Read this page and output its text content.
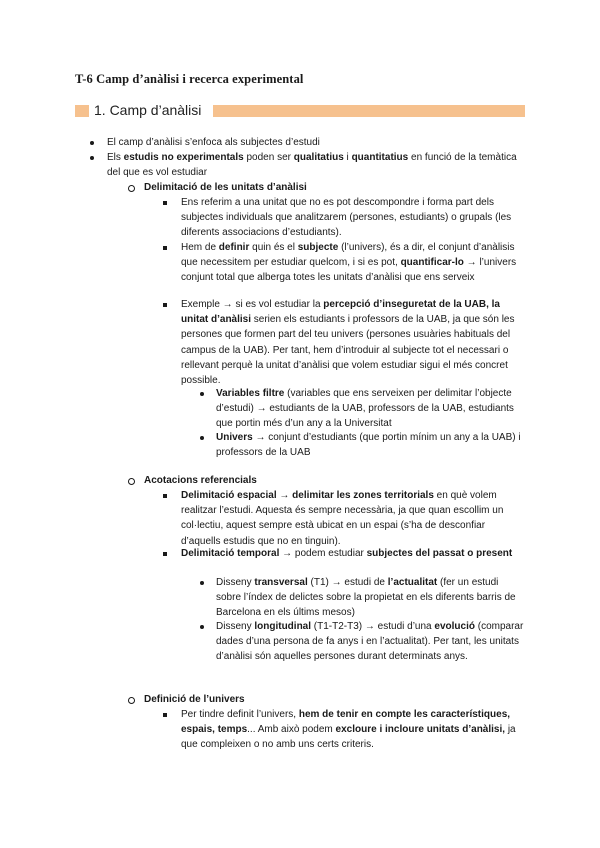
T-6 Camp d’anàlisi i recerca experimental
1. Camp d’anàlisi
El camp d’anàlisi s’enfoca als subjectes d’estudi
Els estudis no experimentals poden ser qualitatius i quantitatius en funció de la temàtica del que es vol estudiar
Delimitació de les unitats d’anàlisi
Ens referim a una unitat que no es pot descompondre i forma part dels subjectes individuals que analitzarem (persones, estudiants) o grupals (les diferents associacions d’estudiants).
Hem de definir quin és el subjecte (l’univers), és a dir, el conjunt d’anàlisis que necessitem per estudiar quelcom, i si es pot, quantificar-lo → l’univers conjunt total que alberga totes les unitats d’anàlisi que ens serveix
Exemple → si es vol estudiar la percepció d’inseguretat de la UAB, la unitat d’anàlisi serien els estudiants i professors de la UAB, ja que són les persones que formen part del teu univers (persones usuàries habituals del campus de la UAB). Per tant, hem d’introduir al subjecte tot el necessari o rellevant perquè la unitat d’anàlisi que volem estudiar sigui el més concret possible.
Variables filtre (variables que ens serveixen per delimitar l’objecte d’estudi) → estudiants de la UAB, professors de la UAB, estudiants que portin més d’un any a la Universitat
Univers → conjunt d’estudiants (que portin mínim un any a la UAB) i professors de la UAB
Acotacions referencials
Delimitació espacial → delimitar les zones territorials en què volem realitzar l’estudi. Aquesta és sempre necessària, ja que quan escollim un col·lectiu, aquest sempre està ubicat en un espai (s’ha de desconfiar d’aquells estudis que no en tinguin).
Delimitació temporal → podem estudiar subjectes del passat o present
Disseny transversal (T1) → estudi de l’actualitat (fer un estudi sobre l’índex de delictes sobre la propietat en els diferents barris de Barcelona en els últims mesos)
Disseny longitudinal (T1-T2-T3) → estudi d’una evolució (comparar dades d’una persona de fa anys i en l’actualitat). Per tant, les unitats d’anàlisi són aquelles persones durant determinats anys.
Definició de l’univers
Per tindre definit l’univers, hem de tenir en compte les característiques, espais, temps... Amb això podem excloure i incloure unitats d’anàlisi, ja que compleixen o no amb uns certs criteris.
